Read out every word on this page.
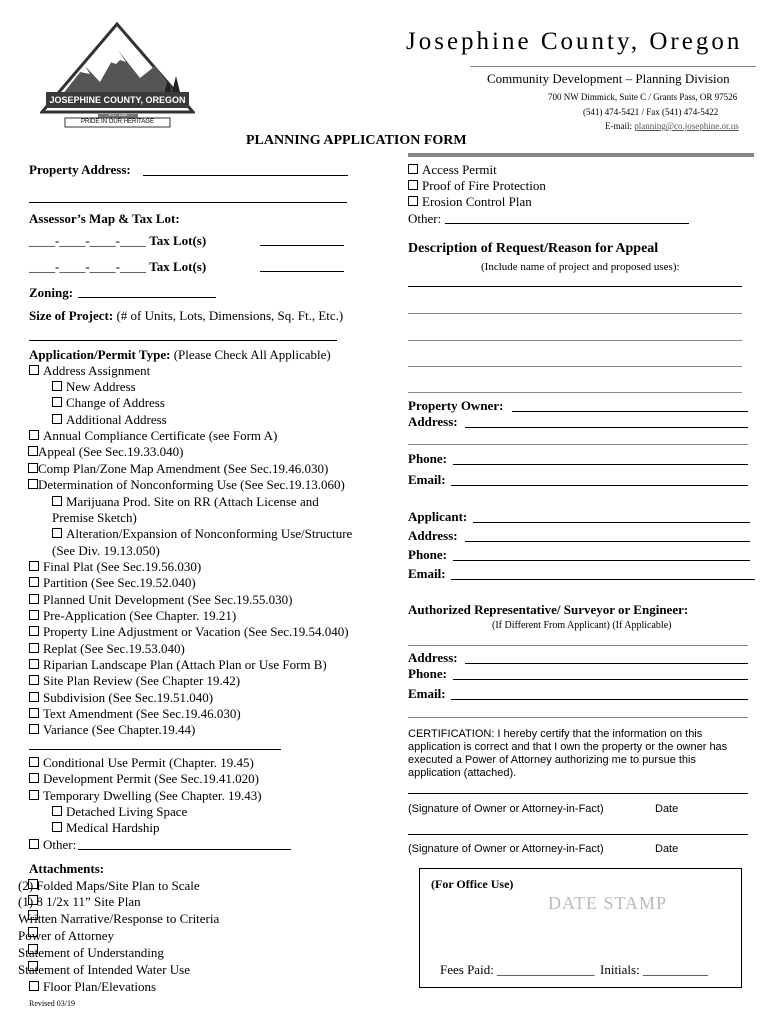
JOSEPHINE COUNTY, OREGON
EST. 1856
PRIDE IN OUR HERITAGE
Josephine County, Oregon
Community Development – Planning Division
700 NW Dimmick, Suite C / Grants Pass, OR 97526
(541) 474-5421 / Fax (541) 474-5422
E-mail: planning@co.josephine.or.us
PLANNING APPLICATION FORM
Property Address:
Assessor’s Map & Tax Lot:
____-____-____-____ Tax Lot(s)
____-____-____-____ Tax Lot(s)
Zoning:
Size of Project: (# of Units, Lots, Dimensions, Sq. Ft., Etc.)
Application/Permit Type: (Please Check All Applicable)
Address Assignment
New Address
Change of Address
Additional Address
Annual Compliance Certificate (see Form A)
Appeal (See Sec.19.33.040)
Comp Plan/Zone Map Amendment (See Sec.19.46.030)
Determination of Nonconforming Use (See Sec.19.13.060)
Marijuana Prod. Site on RR (Attach License and
Premise Sketch)
Alteration/Expansion of Nonconforming Use/Structure
(See Div. 19.13.050)
Final Plat (See Sec.19.56.030)
Partition (See Sec.19.52.040)
Planned Unit Development (See Sec.19.55.030)
Pre-Application (See Chapter. 19.21)
Property Line Adjustment or Vacation (See Sec.19.54.040)
Replat (See Sec.19.53.040)
Riparian Landscape Plan (Attach Plan or Use Form B)
Site Plan Review (See Chapter 19.42)
Subdivision (See Sec.19.51.040)
Text Amendment (See Sec.19.46.030)
Variance (See Chapter.19.44)
Conditional Use Permit (Chapter. 19.45)
Development Permit (See Sec.19.41.020)
Temporary Dwelling (See Chapter. 19.43)
Detached Living Space
Medical Hardship
Other:
Attachments:
(2) Folded Maps/Site Plan to Scale
(1) 8 1/2x 11” Site Plan
Written Narrative/Response to Criteria
Power of Attorney
Statement of Understanding
Statement of Intended Water Use
Floor Plan/Elevations
Revised 03/19
Access Permit
Proof of Fire Protection
Erosion Control Plan
Other:
Description of Request/Reason for Appeal
(Include name of project and proposed uses):
Property Owner:
Address:
Phone:
Email:
Applicant:
Address:
Phone:
Email:
Authorized Representative/ Surveyor or Engineer:
(If Different From Applicant) (If Applicable)
Address:
Phone:
Email:
CERTIFICATION: I hereby certify that the information on this application is correct and that I own the property or the owner has executed a Power of Attorney authorizing me to pursue this application (attached).
(Signature of Owner or Attorney-in-Fact)	Date
(Signature of Owner or Attorney-in-Fact)	Date
(For Office Use)
DATE STAMP
Fees Paid: _______________ Initials: __________
